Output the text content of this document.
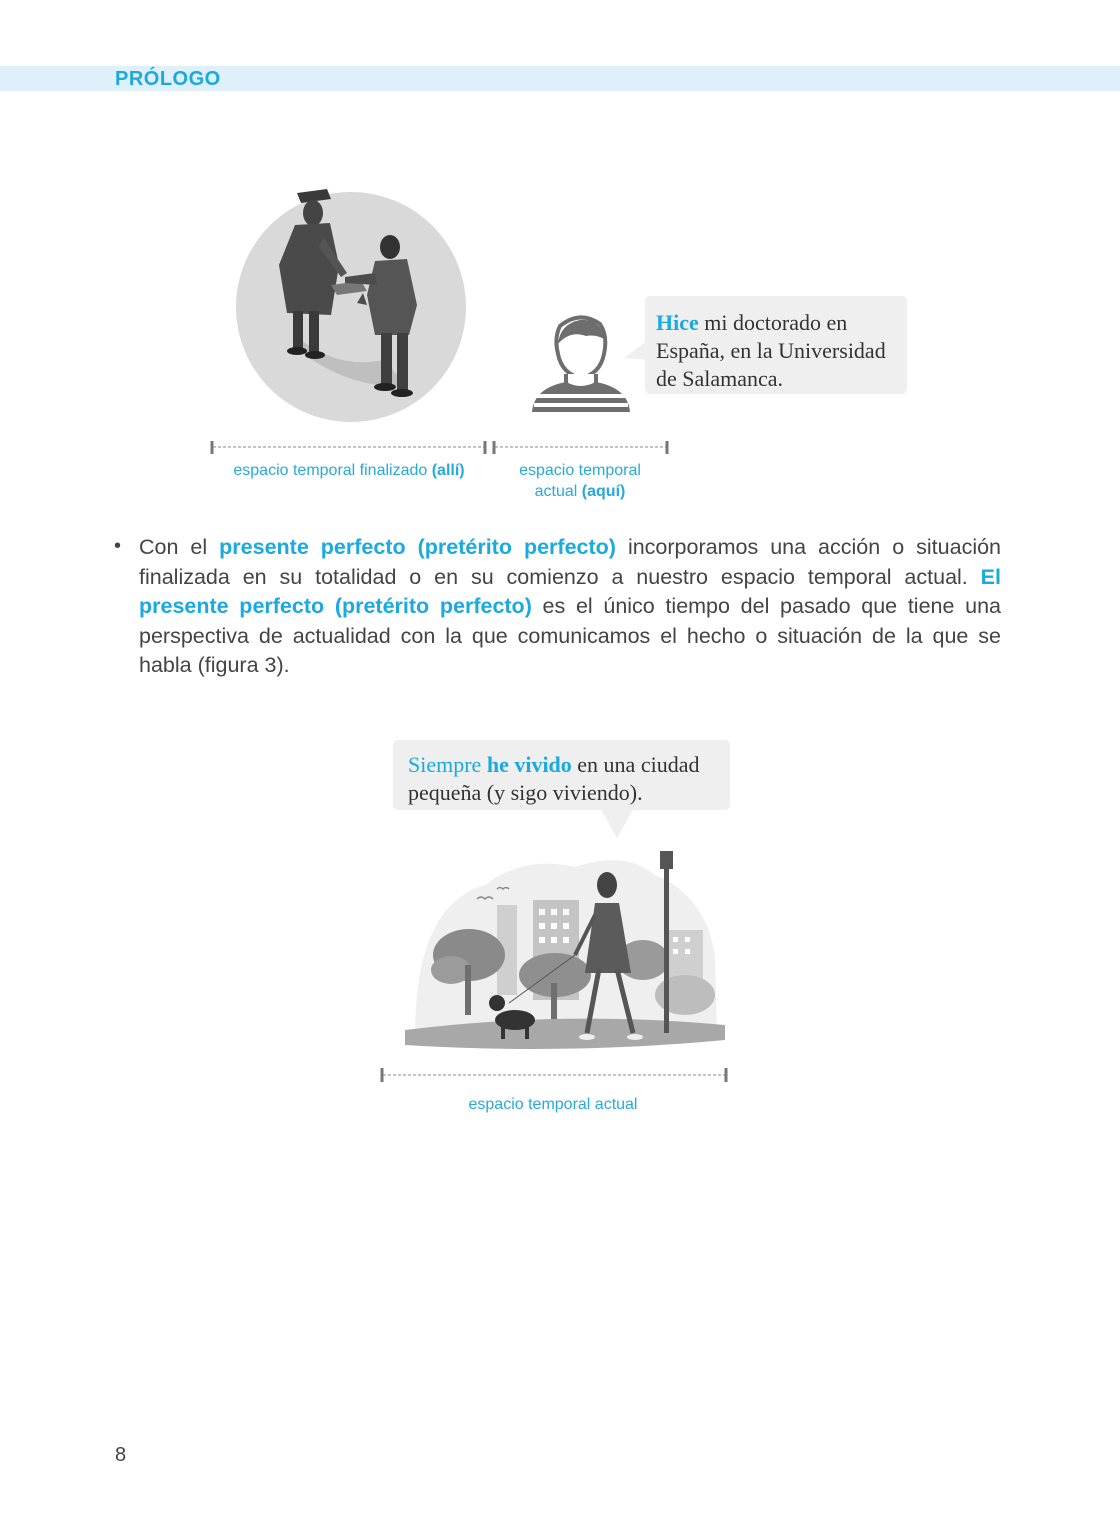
PRÓLOGO
Hice mi doctorado en
España, en la Universidad
de Salamanca.
espacio temporal finalizado (allí)	espacio temporal
actual (aquí)
• Con el presente perfecto (pretérito perfecto) incorporamos una acción o situación finalizada en su totalidad o en su comienzo a nuestro espacio temporal actual. El presente perfecto (pretérito perfecto) es el único tiempo del pasado que tiene una perspectiva de actualidad con la que comunicamos el hecho o situación de la que se habla (figura 3).
Siempre he vivido en una ciudad
pequeña (y sigo viviendo).
espacio temporal actual
8
